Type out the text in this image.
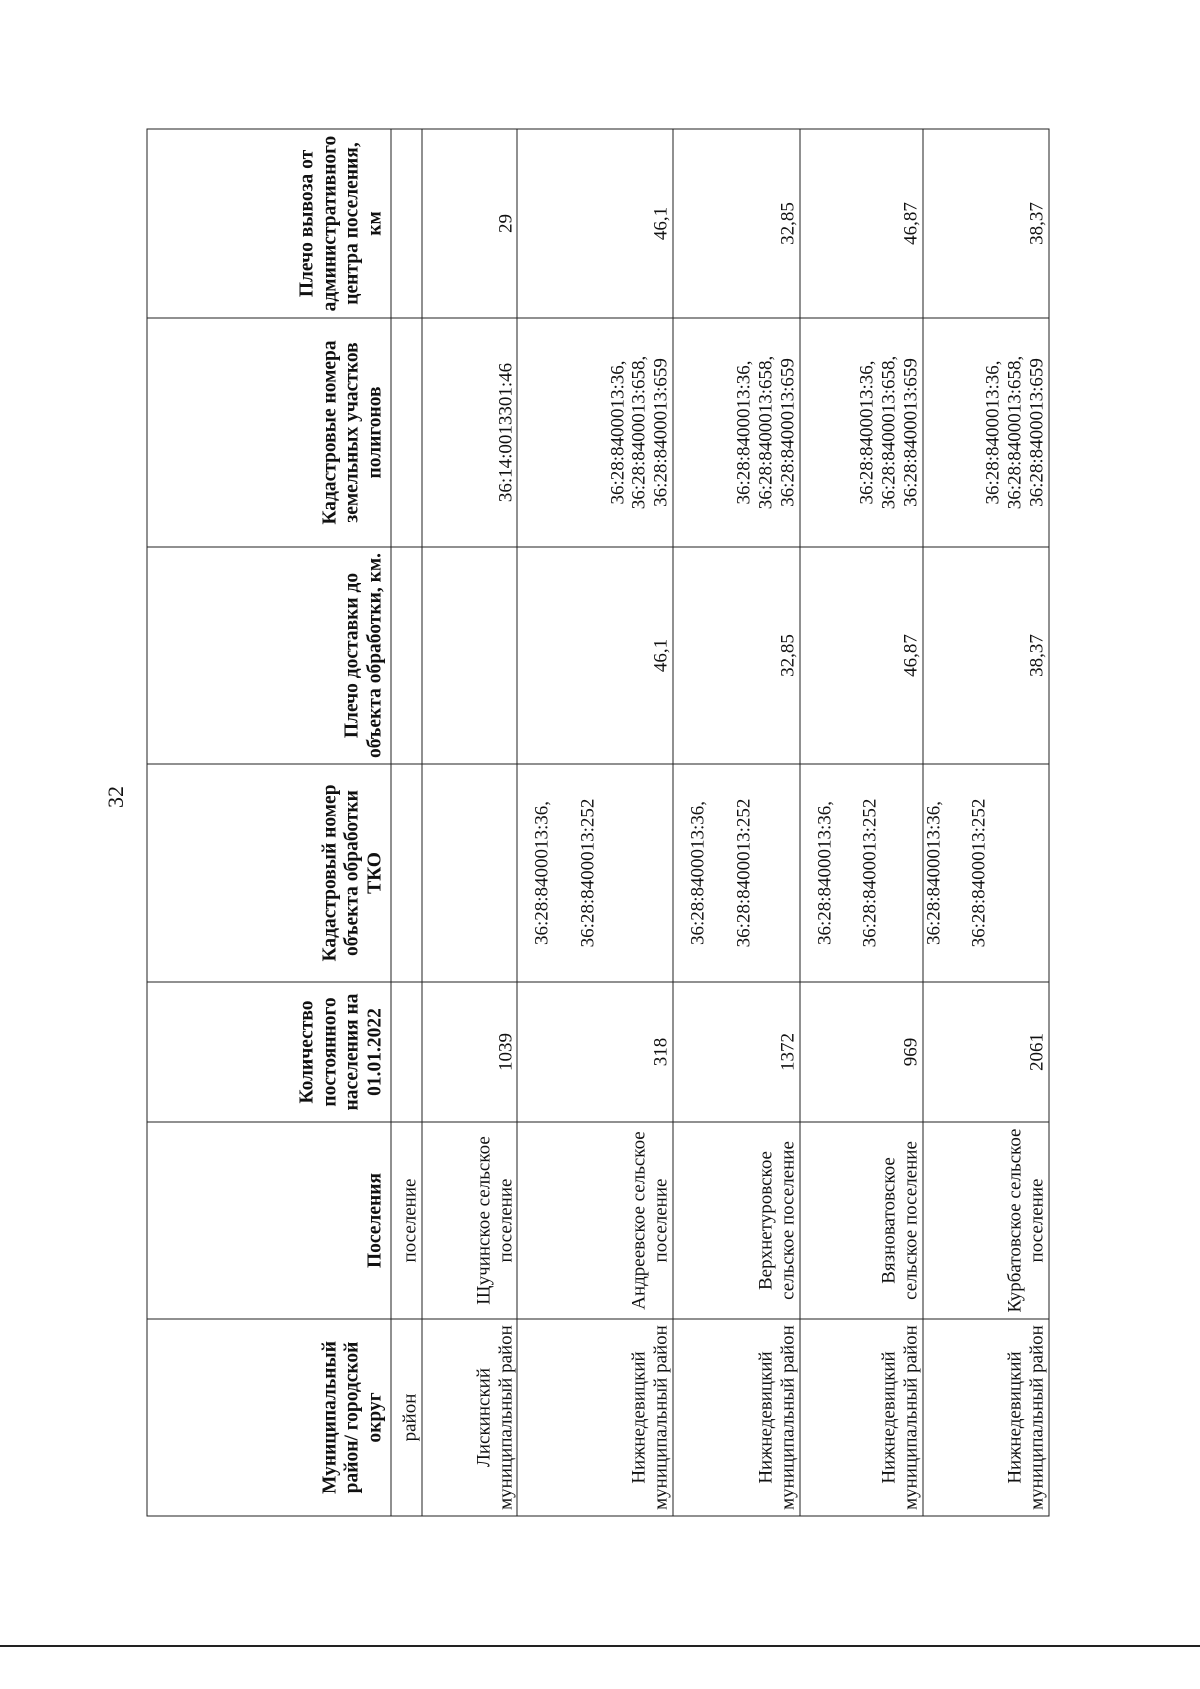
32
Муниципальный район/ городской округ	Поселения	Количество постоянного населения на 01.01.2022	Кадастровый номер объекта обработки ТКО	Плечо доставки до объекта обработки, км.	Кадастровые номера земельных участков полигонов	Плечо вывоза от административного центра поселения, км
район	поселение					
Лискинский муниципальный район	Щучинское сельское поселение	1039			36:14:0013301:46	29
Нижнедевицкий муниципальный район	Андреевское сельское поселение	318	36:28:8400013:36, 36:28:8400013:252	46,1	36:28:8400013:36, 36:28:8400013:658, 36:28:8400013:659	46,1
Нижнедевицкий муниципальный район	Верхнетуровское сельское поселение	1372	36:28:8400013:36, 36:28:8400013:252	32,85	36:28:8400013:36, 36:28:8400013:658, 36:28:8400013:659	32,85
Нижнедевицкий муниципальный район	Вязноватовское сельское поселение	969	36:28:8400013:36, 36:28:8400013:252	46,87	36:28:8400013:36, 36:28:8400013:658, 36:28:8400013:659	46,87
Нижнедевицкий муниципальный район	Курбатовское сельское поселение	2061	36:28:8400013:36, 36:28:8400013:252	38,37	36:28:8400013:36, 36:28:8400013:658, 36:28:8400013:659	38,37
